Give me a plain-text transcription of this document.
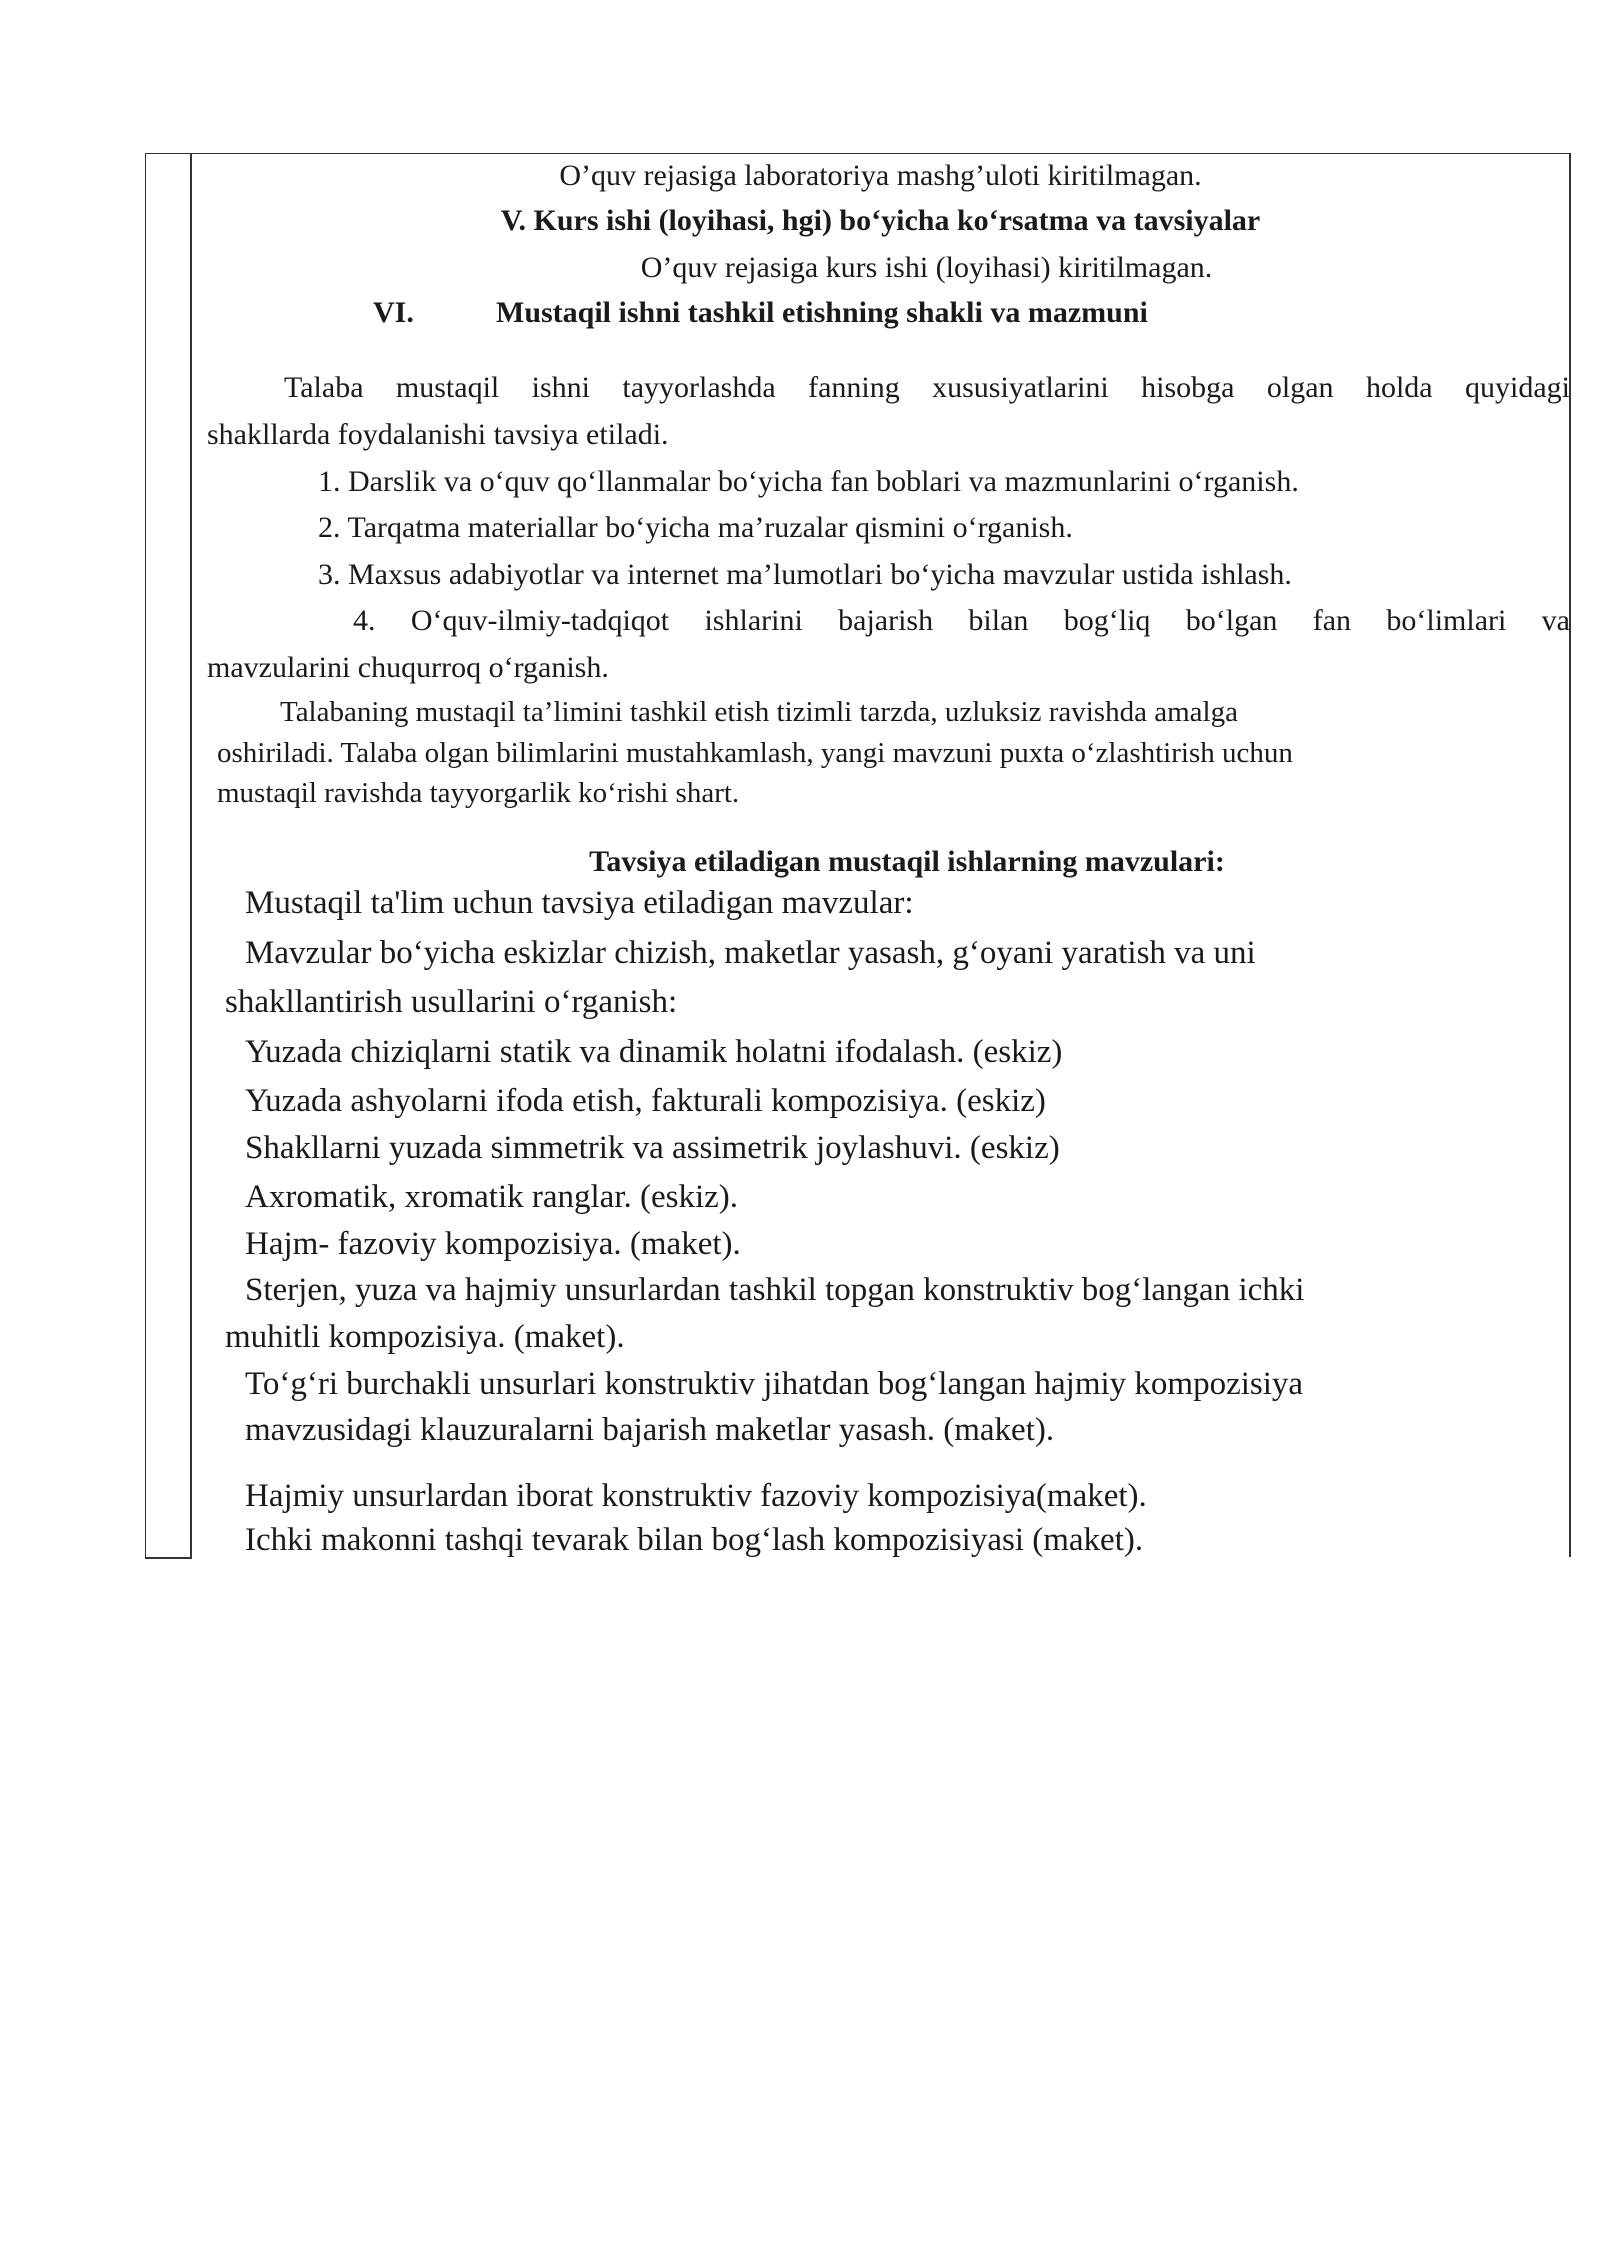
O’quv rejasiga laboratoriya mashg’uloti kiritilmagan.
V. Kurs ishi (loyihasi, hgi) bo‘yicha ko‘rsatma va tavsiyalar
O’quv rejasiga kurs ishi (loyihasi) kiritilmagan.
VI.	Mustaqil ishni tashkil etishning shakli va mazmuni
Talaba mustaqil ishni tayyorlashda fanning xususiyatlarini hisobga olgan holda quyidagi
shakllarda foydalanishi tavsiya etiladi.
1. Darslik va o‘quv qo‘llanmalar bo‘yicha fan boblari va mazmunlarini o‘rganish.
2. Tarqatma materiallar bo‘yicha ma’ruzalar qismini o‘rganish.
3. Maxsus adabiyotlar va internet ma’lumotlari bo‘yicha mavzular ustida ishlash.
4. O‘quv-ilmiy-tadqiqot ishlarini bajarish bilan bog‘liq bo‘lgan fan bo‘limlari va
mavzularini chuqurroq o‘rganish.
Talabaning mustaqil ta’limini tashkil etish tizimli tarzda, uzluksiz ravishda amalga
oshiriladi. Talaba olgan bilimlarini mustahkamlash, yangi mavzuni puxta o‘zlashtirish uchun
mustaqil ravishda tayyorgarlik ko‘rishi shart.
Tavsiya etiladigan mustaqil ishlarning mavzulari:
Mustaqil ta'lim uchun tavsiya etiladigan mavzular:
Mavzular bo‘yicha eskizlar chizish, maketlar yasash, g‘oyani yaratish va uni
shakllantirish usullarini o‘rganish:
Yuzada chiziqlarni statik va dinamik holatni ifodalash. (eskiz)
Yuzada ashyolarni ifoda etish, fakturali kompozisiya. (eskiz)
Shakllarni yuzada simmetrik va assimetrik joylashuvi. (eskiz)
Axromatik, xromatik ranglar. (eskiz).
Hajm- fazoviy kompozisiya. (maket).
Sterjen, yuza va hajmiy unsurlardan tashkil topgan konstruktiv bog‘langan ichki
muhitli kompozisiya. (maket).
To‘g‘ri burchakli unsurlari konstruktiv jihatdan bog‘langan hajmiy kompozisiya
mavzusidagi klauzuralarni bajarish maketlar yasash. (maket).
Hajmiy unsurlardan iborat konstruktiv fazoviy kompozisiya(maket).
Ichki makonni tashqi tevarak bilan bog‘lash kompozisiyasi (maket).
